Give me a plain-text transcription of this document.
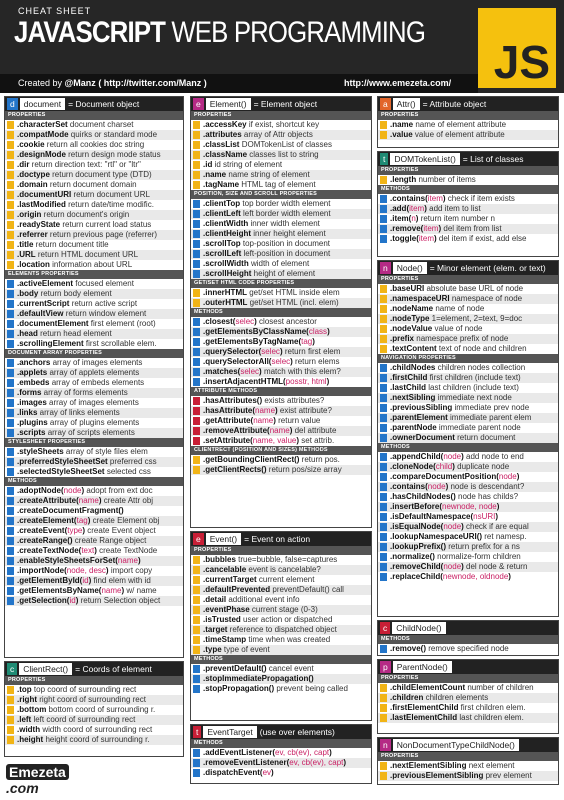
CHEAT SHEET
JAVASCRIPT WEB PROGRAMMING
JS
Created by @Manz ( http://twitter.com/Manz )	http://www.emezeta.com/
d document = Document object
PROPERTIES
.characterSet document charset
.compatMode quirks or standard mode
.cookie return all cookies doc string
.designMode return design mode status
.dir return direction text: "rtl" or "ltr"
.doctype return document type (DTD)
.domain return document domain
.documentURI return document URL
.lastModified return date/time modific.
.origin return document's origin
.readyState return current load status
.referrer return previous page (referrer)
.title return document title
.URL return HTML document URL
.location information about URL
ELEMENTS PROPERTIES
.activeElement focused element
.body return body element
.currentScript return active script
.defaultView return window element
.documentElement first element (root)
.head return head element
.scrollingElement first scrollable elem.
DOCUMENT ARRAY PROPERTIES
.anchors array of images elements
.applets array of applets elements
.embeds array of embeds elements
.forms array of forms elements
.images array of images elements
.links array of links elements
.plugins array of plugins elements
.scripts array of scripts elements
STYLESHEET PROPERTIES
.styleSheets array of style files elem
.preferredStyleSheetSet preferred css
.selectedStyleSheetSet selected css
METHODS
.adoptNode(node) adopt from ext doc
.createAttribute(name) create Attr obj
.createDocumentFragment()
.createElement(tag) create Element obj
.createEvent(type) create Event object
.createRange() create Range object
.createTextNode(text) create TextNode
.enableStyleSheetsForSet(name)
.importNode(node, desc) import copy
.getElementById(id) find elem with id
.getElementsByName(name) w/ name
.getSelection(id) return Selection object
c ClientRect() = Coords of element
PROPERTIES
.top top coord of surrounding rect
.right right coord of surrounding rect
.bottom bottom coord of surrounding r.
.left left coord of surrounding rect
.width width coord of surrounding rect
.height height coord of surrounding r.
e Element() = Element object
PROPERTIES
.accessKey if exist, shortcut key
.attributes array of Attr objects
.classList DOMTokenList of classes
.className classes list to string
.id id string of element
.name name string of element
.tagName HTML tag of element
POSITION, SIZE AND SCROLL PROPERTIES
.clientTop top border width element
.clientLeft left border width element
.clientWidth inner width element
.clientHeight inner height element
.scrollTop top-position in document
.scrollLeft left-position in document
.scrollWidth width of element
.scrollHeight height of element
GET/SET HTML CODE PROPERTIES
.innerHTML get/set HTML inside elem
.outerHTML get/set HTML (incl. elem)
METHODS
.closest(selec) closest ancestor
.getElementsByClassName(class)
.getElementsByTagName(tag)
.querySelector(selec) return first elem
.querySelectorAll(selec) return elems
.matches(selec) match with this elem?
.insertAdjacentHTML(posstr, html)
ATTRIBUTE METHODS
.hasAttributes() exists attributes?
.hasAttribute(name) exist attribute?
.getAttribute(name) return value
.removeAttribute(name) del attribute
.setAttribute(name, value) set attrib.
CLIENTRECT (POSITION AND SIZES) METHODS
.getBoundingClientRect() return pos.
.getClientRects() return pos/size array
e Event() = Event on action
PROPERTIES
.bubbles true=bubble, false=captures
.cancelable event is cancelable?
.currentTarget current element
.defaultPrevented preventDefault() call
.detail additional event info
.eventPhase current stage (0-3)
.isTrusted user action or dispatched
.target reference to dispatched object
.timeStamp time when was created
.type type of event
METHODS
.preventDefault() cancel event
.stopImmediatePropagation()
.stopPropagation() prevent being called
t EventTarget (use over elements)
METHODS
.addEventListener(ev, cb(ev), capt)
.removeEventListener(ev, cb(ev), capt)
.dispatchEvent(ev)
a Attr() = Attribute object
PROPERTIES
.name name of element attribute
.value value of element attribute
t DOMTokenList() = List of classes
PROPERTIES
.length number of items
METHODS
.contains(item) check if item exists
.add(item) add item to list
.item(n) return item number n
.remove(item) del item from list
.toggle(item) del item if exist, add else
n Node() = Minor element (elem. or text)
PROPERTIES
.baseURI absolute base URL of node
.namespaceURI namespace of node
.nodeName name of node
.nodeType 1=element, 2=text, 9=doc
.nodeValue value of node
.prefix namespace prefix of node
.textContent text of node and children
NAVIGATION PROPERTIES
.childNodes children nodes collection
.firstChild first children (include text)
.lastChild last children (include text)
.nextSibling immediate next node
.previousSibling immediate prev node
.parentElement immediate parent elem
.parentNode immediate parent node
.ownerDocument return document
METHODS
.appendChild(node) add node to end
.cloneNode(child) duplicate node
.compareDocumentPosition(node)
.contains(node) node is descendant?
.hasChildNodes() node has childs?
.insertBefore(newnode, node)
.isDefaultNamespace(nsURI)
.isEqualNode(node) check if are equal
.lookupNamespaceURI() ret namesp.
.lookupPrefix() return prefix for a ns
.normalize() normalize-form children
.removeChild(node) del node & return
.replaceChild(newnode, oldnode)
c ChildNode()
METHODS
.remove() remove specified node
p ParentNode()
PROPERTIES
.childElementCount number of children
.children children elements
.firstElementChild first children elem.
.lastElementChild last children elem.
n NonDocumentTypeChildNode()
PROPERTIES
.nextElementSibling next element
.previousElementSibling prev element
Emezeta.com
